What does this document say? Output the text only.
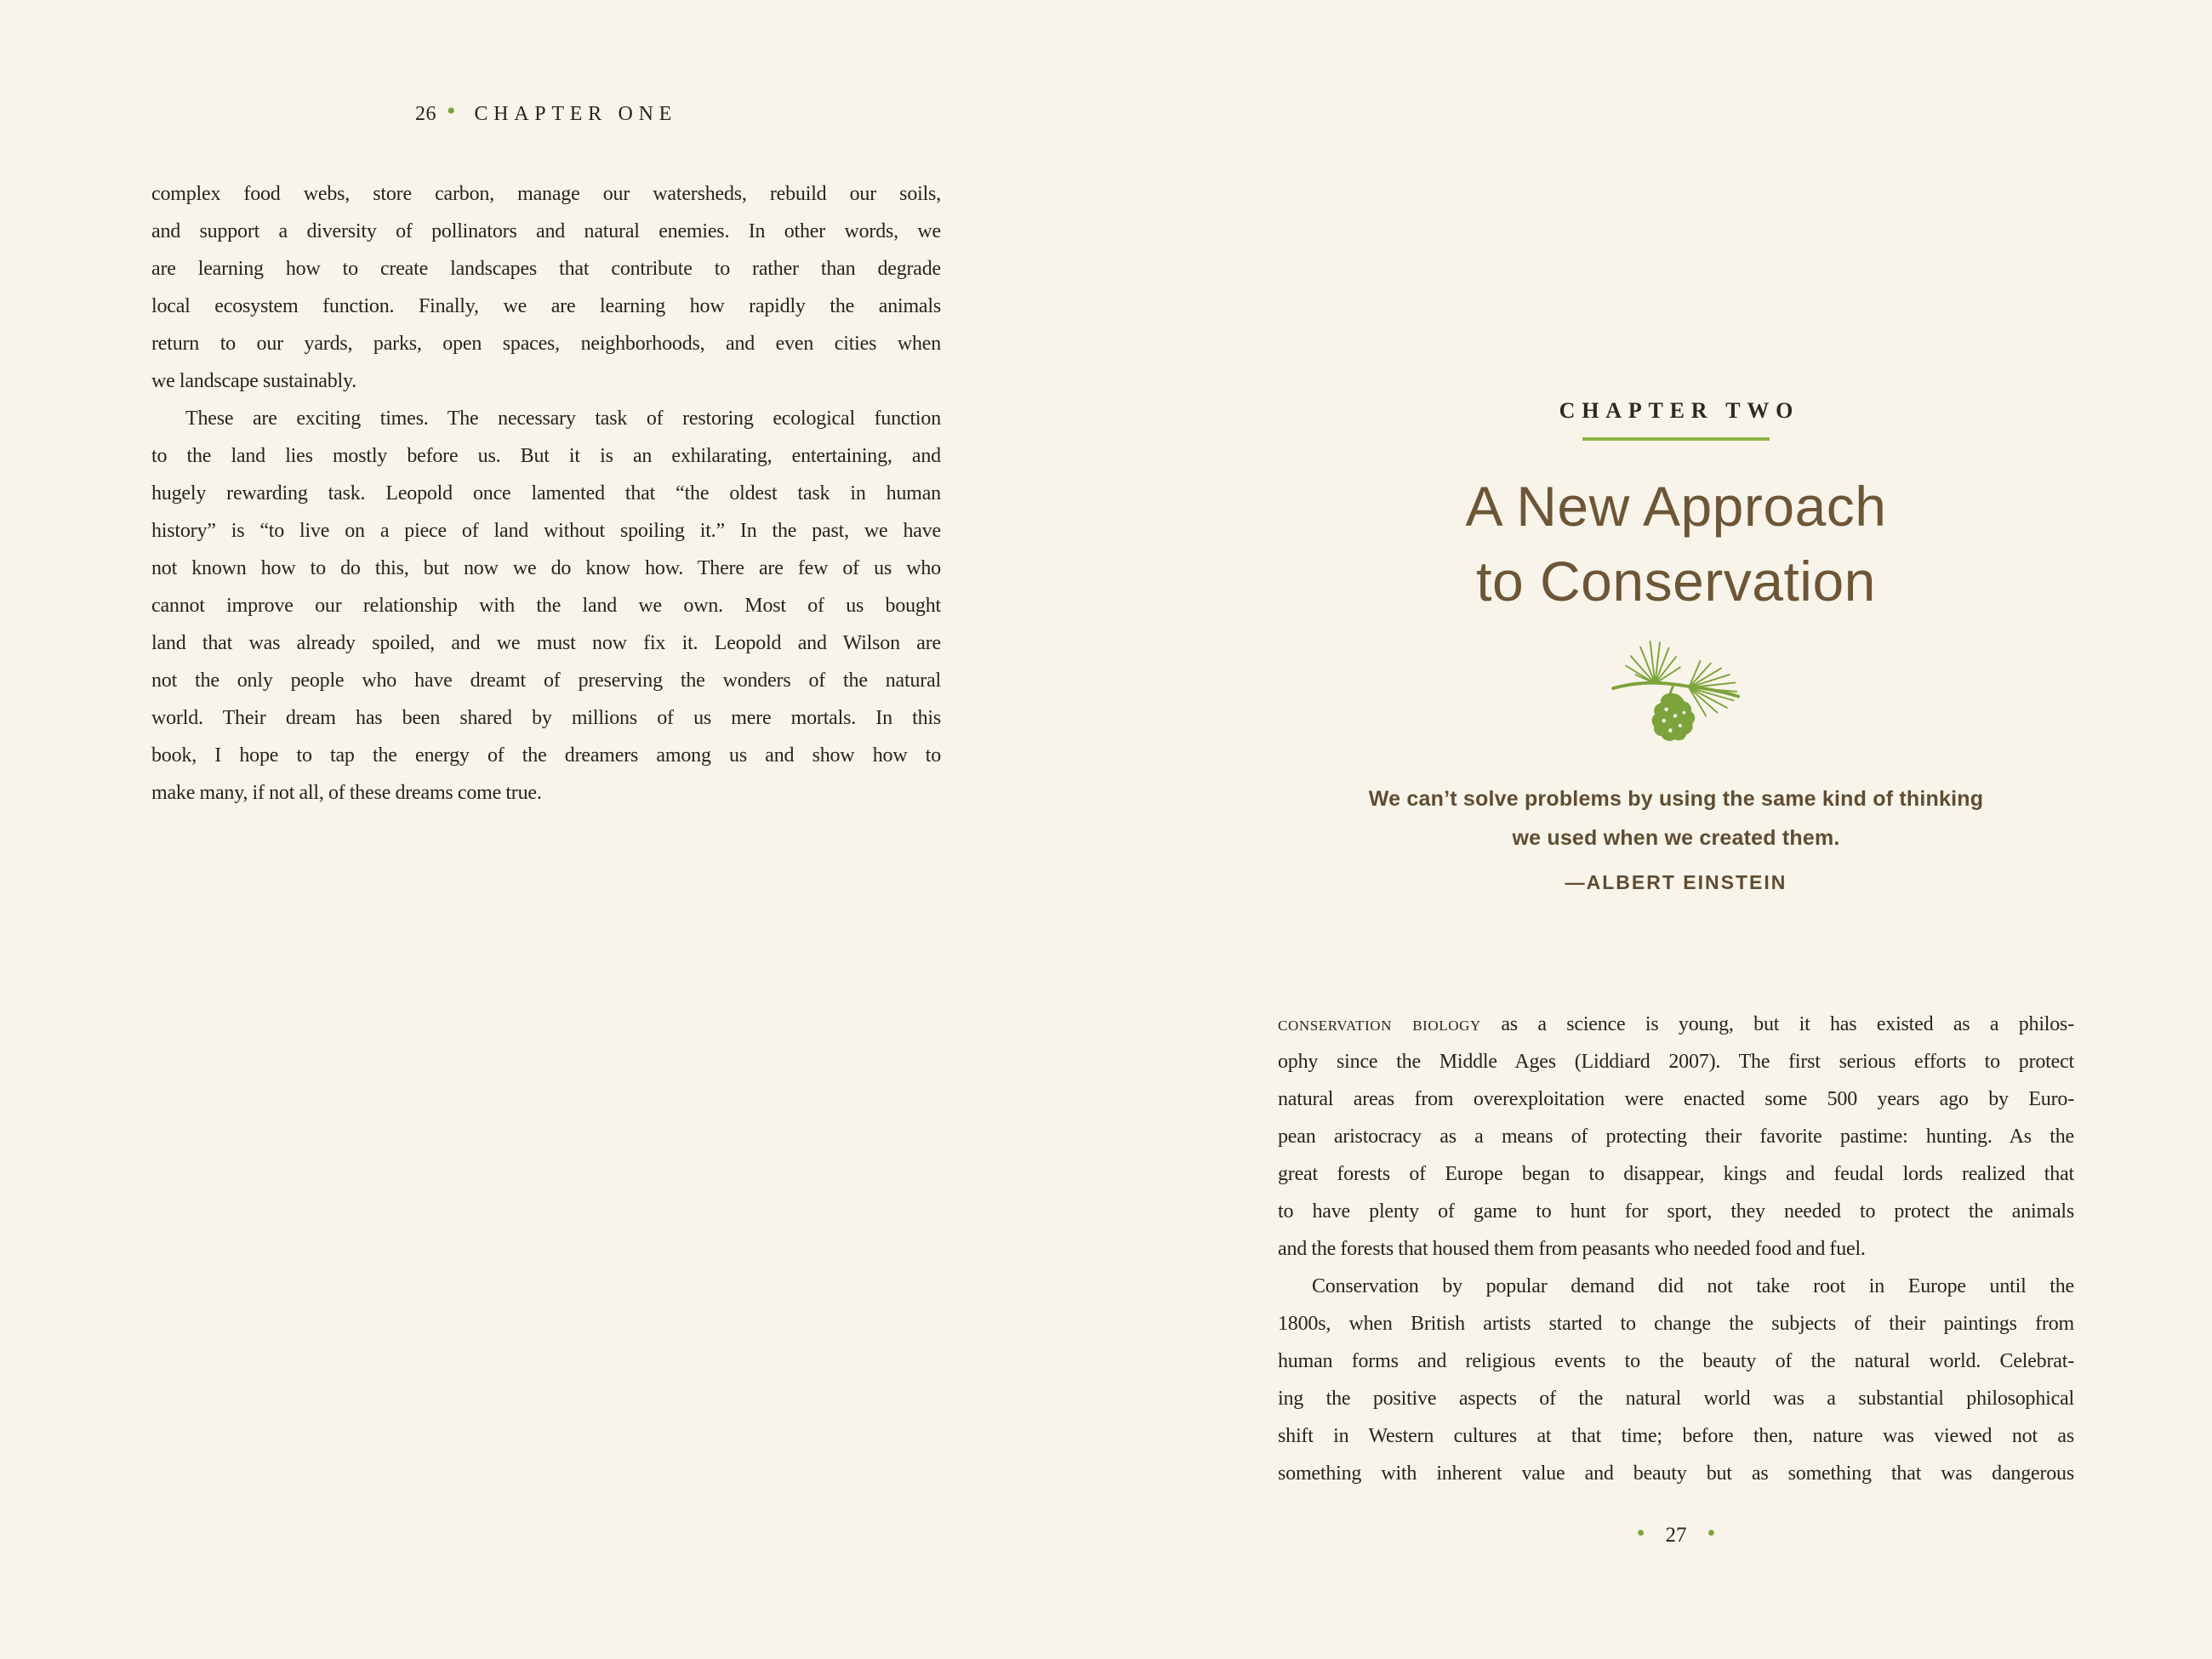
26 • CHAPTER ONE
complex food webs, store carbon, manage our watersheds, rebuild our soils,
and support a diversity of pollinators and natural enemies. In other words, we
are learning how to create landscapes that contribute to rather than degrade
local ecosystem function. Finally, we are learning how rapidly the animals
return to our yards, parks, open spaces, neighborhoods, and even cities when
we landscape sustainably.
These are exciting times. The necessary task of restoring ecological function
to the land lies mostly before us. But it is an exhilarating, entertaining, and
hugely rewarding task. Leopold once lamented that “the oldest task in human
history” is “to live on a piece of land without spoiling it.” In the past, we have
not known how to do this, but now we do know how. There are few of us who
cannot improve our relationship with the land we own. Most of us bought
land that was already spoiled, and we must now fix it. Leopold and Wilson are
not the only people who have dreamt of preserving the wonders of the natural
world. Their dream has been shared by millions of us mere mortals. In this
book, I hope to tap the energy of the dreamers among us and show how to
make many, if not all, of these dreams come true.
CHAPTER TWO
A New Approach
to Conservation

We can’t solve problems by using the same kind of thinking
we used when we created them.

—ALBERT EINSTEIN

conservation biology as a science is young, but it has existed as a philos-
ophy since the Middle Ages (Liddiard 2007). The first serious efforts to protect
natural areas from overexploitation were enacted some 500 years ago by Euro-
pean aristocracy as a means of protecting their favorite pastime: hunting. As the
great forests of Europe began to disappear, kings and feudal lords realized that
to have plenty of game to hunt for sport, they needed to protect the animals
and the forests that housed them from peasants who needed food and fuel.
Conservation by popular demand did not take root in Europe until the
1800s, when British artists started to change the subjects of their paintings from
human forms and religious events to the beauty of the natural world. Celebrat-
ing the positive aspects of the natural world was a substantial philosophical
shift in Western cultures at that time; before then, nature was viewed not as
something with inherent value and beauty but as something that was dangerous
• 27 •
